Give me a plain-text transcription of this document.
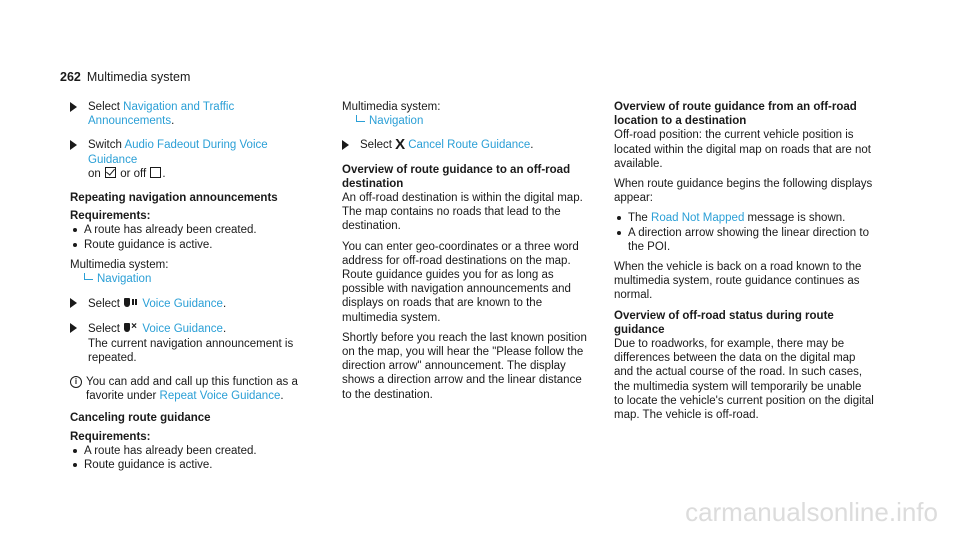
262 Multimedia system
Select Navigation and Traffic Announcements.
Switch Audio Fadeout During Voice Guidance
on  or off .
Repeating navigation announcements
Requirements:
A route has already been created.
Route guidance is active.
Multimedia system:
Navigation
Select
Voice Guidance.
Select × Voice Guidance.
The current navigation announcement is repeated.
i You can add and call up this function as a favorite under Repeat Voice Guidance.
Canceling route guidance
Requirements:
A route has already been created.
Route guidance is active.
Multimedia system:
Navigation
Select X Cancel Route Guidance.
Overview of route guidance to an off-road destination

An off-road destination is within the digital map. The map contains no roads that lead to the destination.

You can enter geo-coordinates or a three word address for off-road destinations on the map. Route guidance guides you for as long as possible with navigation announcements and displays on roads that are known to the multimedia system.

Shortly before you reach the last known position on the map, you will hear the "Please follow the direction arrow" announcement. The display shows a direction arrow and the linear distance to the destination.

Overview of route guidance from an off-road location to a destination

Off-road position: the current vehicle position is located within the digital map on roads that are not available.

When route guidance begins the following displays appear:

The Road Not Mapped message is shown.
A direction arrow showing the linear direction to the POI.

When the vehicle is back on a road known to the multimedia system, route guidance continues as normal.

Overview of off-road status during route guidance

Due to roadworks, for example, there may be differences between the data on the digital map and the actual course of the road. In such cases, the multimedia system will temporarily be unable to locate the vehicle's current position on the digital map. The vehicle is off-road.

carmanualsonline.info
